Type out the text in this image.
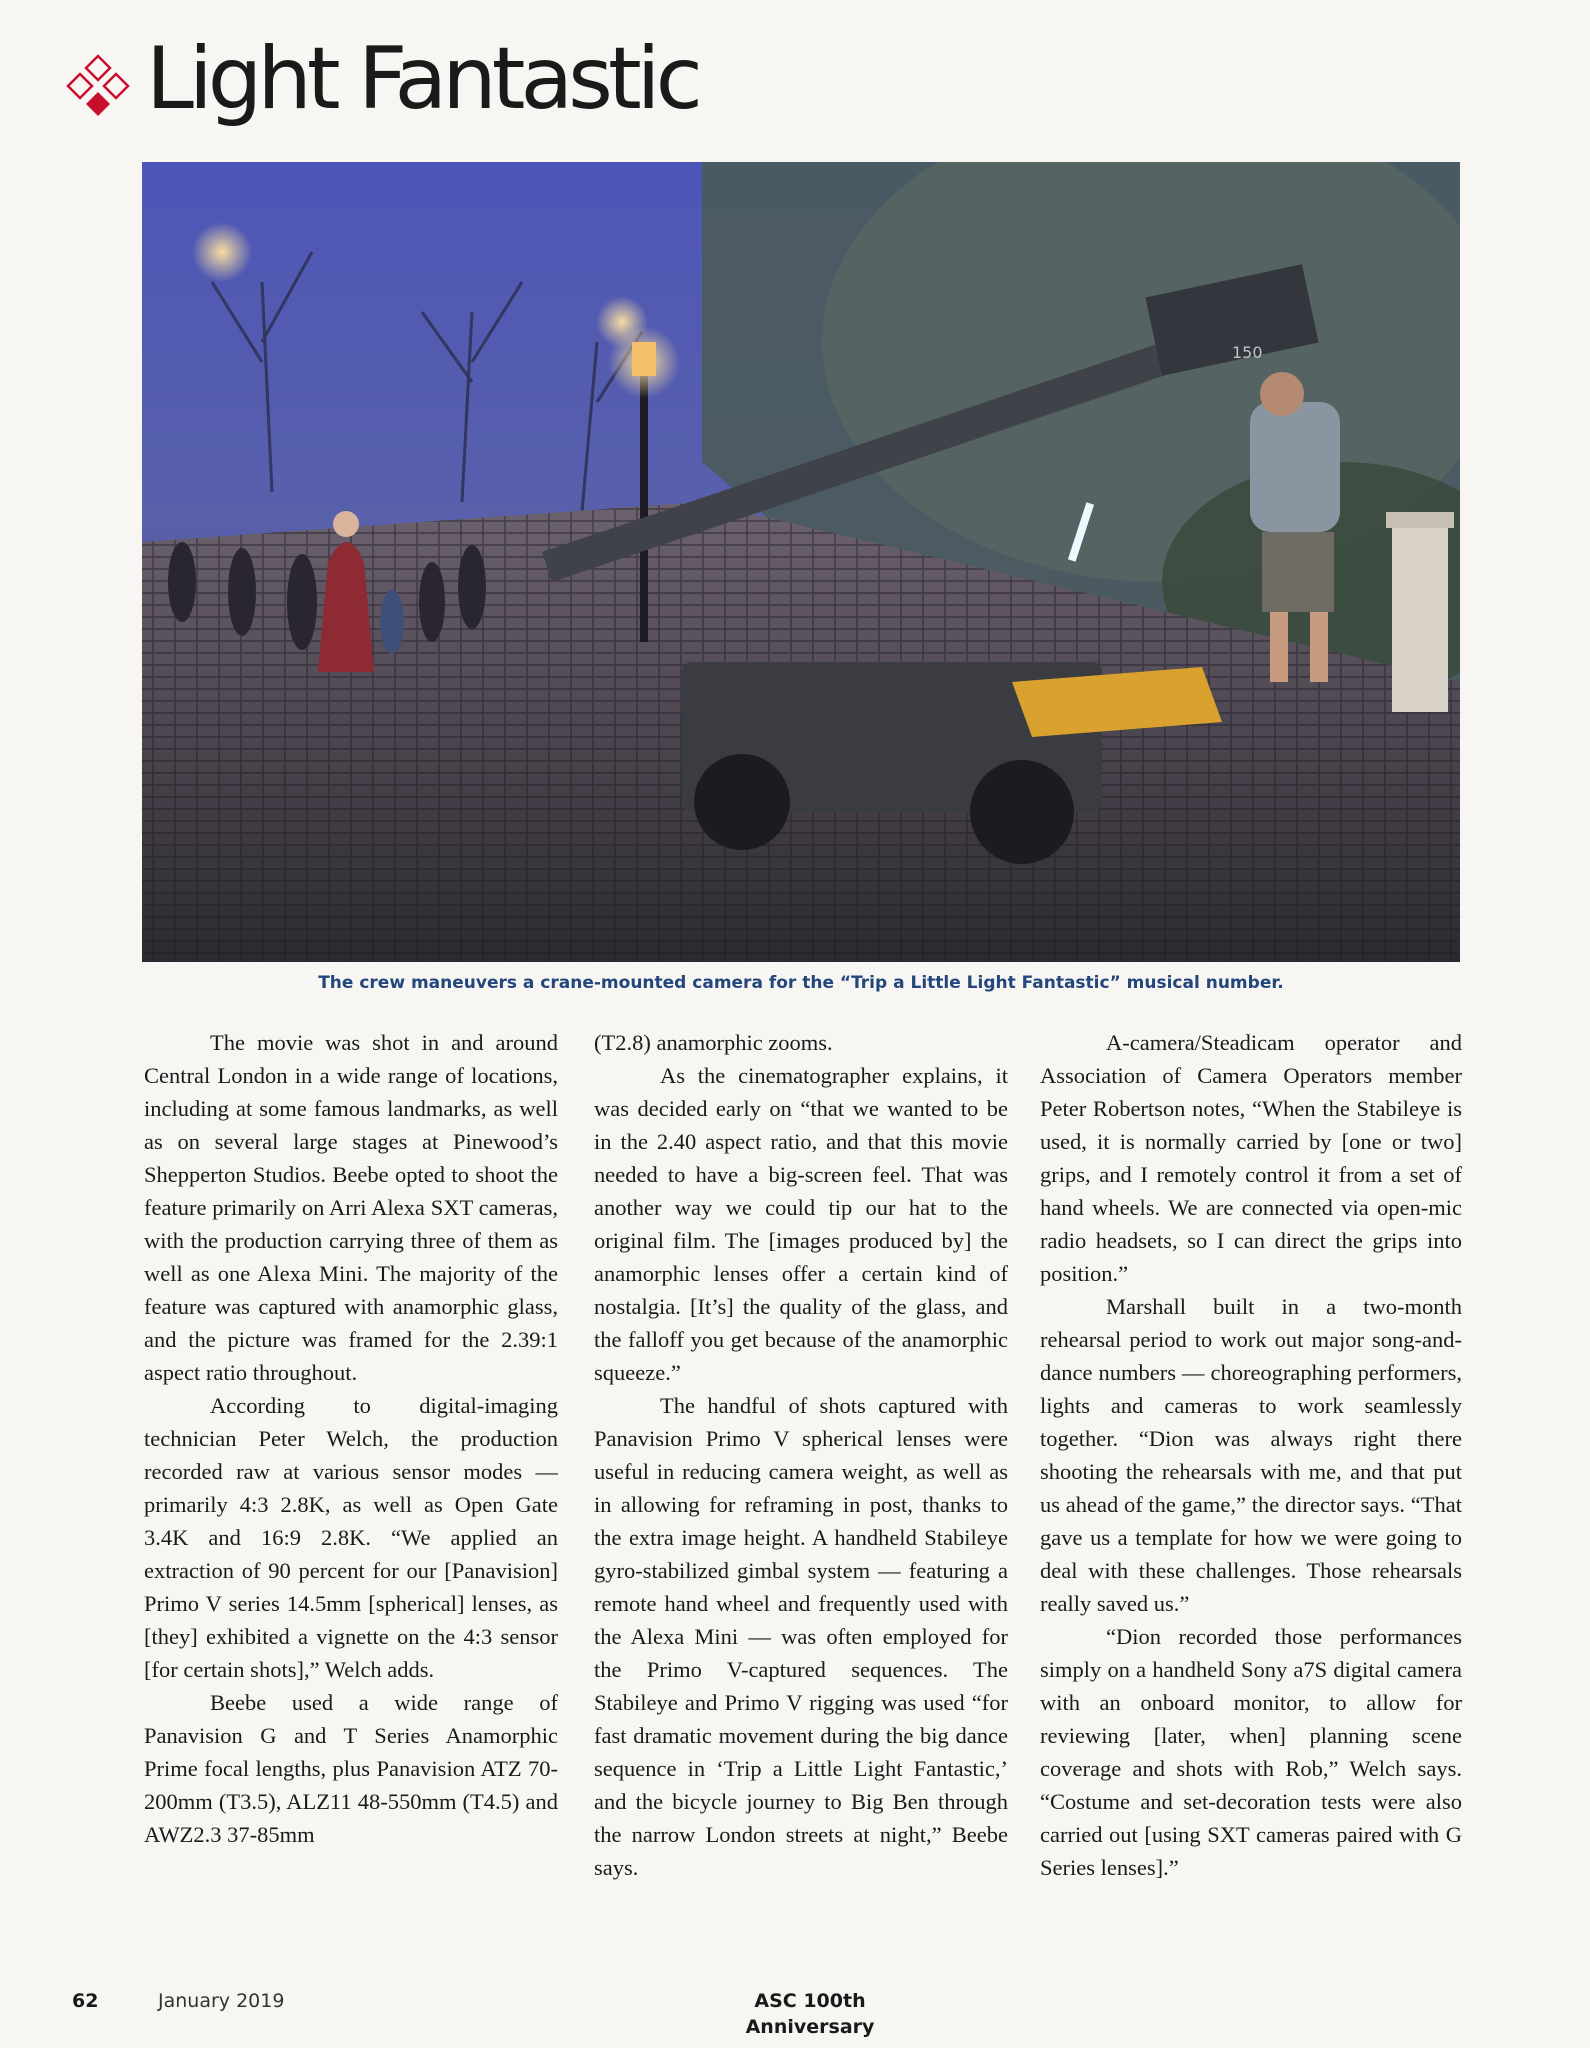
Light Fantastic
150

The crew maneuvers a crane-mounted camera for the “Trip a Little Light Fantastic” musical number.

The movie was shot in and around Central London in a wide range of locations, including at some famous landmarks, as well as on several large stages at Pinewood’s Shepperton Studios. Beebe opted to shoot the feature primarily on Arri Alexa SXT cameras, with the production carrying three of them as well as one Alexa Mini. The majority of the feature was captured with anamorphic glass, and the picture was framed for the 2.39:1 aspect ratio throughout.

According to digital-imaging technician Peter Welch, the production recorded raw at various sensor modes — primarily 4:3 2.8K, as well as Open Gate 3.4K and 16:9 2.8K. “We applied an extraction of 90 percent for our [Panavision] Primo V series 14.5mm [spherical] lenses, as [they] exhibited a vignette on the 4:3 sensor [for certain shots],” Welch adds.

Beebe used a wide range of Panavision G and T Series Anamorphic Prime focal lengths, plus Panavision ATZ 70-200mm (T3.5), ALZ11 48-550mm (T4.5) and AWZ2.3 37-85mm

(T2.8) anamorphic zooms.

As the cinematographer explains, it was decided early on “that we wanted to be in the 2.40 aspect ratio, and that this movie needed to have a big-screen feel. That was another way we could tip our hat to the original film. The [images produced by] the anamorphic lenses offer a certain kind of nostalgia. [It’s] the quality of the glass, and the falloff you get because of the anamorphic squeeze.”

The handful of shots captured with Panavision Primo V spherical lenses were useful in reducing camera weight, as well as in allowing for reframing in post, thanks to the extra image height. A handheld Stabileye gyro-stabilized gimbal system — featuring a remote hand wheel and frequently used with the Alexa Mini — was often employed for the Primo V-captured sequences. The Stabileye and Primo V rigging was used “for fast dramatic movement during the big dance sequence in ‘Trip a Little Light Fantastic,’ and the bicycle journey to Big Ben through the narrow London streets at night,” Beebe says.

A-camera/Steadicam operator and Association of Camera Operators member Peter Robertson notes, “When the Stabileye is used, it is normally carried by [one or two] grips, and I remotely control it from a set of hand wheels. We are connected via open-mic radio headsets, so I can direct the grips into position.”

Marshall built in a two-month rehearsal period to work out major song-and-dance numbers — choreographing performers, lights and cameras to work seamlessly together. “Dion was always right there shooting the rehearsals with me, and that put us ahead of the game,” the director says. “That gave us a template for how we were going to deal with these challenges. Those rehearsals really saved us.”

“Dion recorded those performances simply on a handheld Sony a7S digital camera with an onboard monitor, to allow for reviewing [later, when] planning scene coverage and shots with Rob,” Welch says. “Costume and set-decoration tests were also carried out [using SXT cameras paired with G Series lenses].”

62	January 2019	ASC 100th Anniversary
